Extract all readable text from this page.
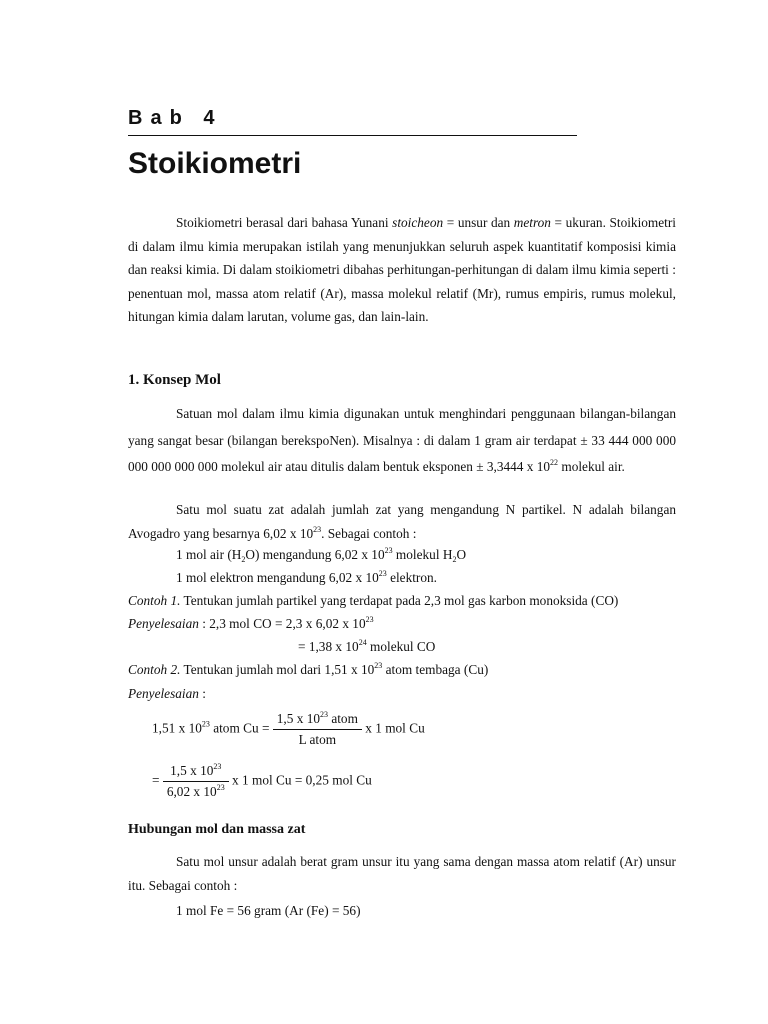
Bab 4
Stoikiometri

Stoikiometri berasal dari bahasa Yunani stoicheon = unsur dan metron = ukuran. Stoikiometri di dalam ilmu kimia merupakan istilah yang menunjukkan seluruh aspek kuantitatif komposisi kimia dan reaksi kimia. Di dalam stoikiometri dibahas perhitungan-perhitungan di dalam ilmu kimia seperti : penentuan mol, massa atom relatif (Ar), massa molekul relatif (Mr), rumus empiris, rumus molekul, hitungan kimia dalam larutan, volume gas, dan lain-lain.

1. Konsep Mol

Satuan mol dalam ilmu kimia digunakan untuk menghindari penggunaan bilangan-bilangan yang sangat besar (bilangan berekspoNen). Misalnya : di dalam 1 gram air terdapat ± 33 444 000 000 000 000 000 000 molekul air atau ditulis dalam bentuk eksponen ± 3,3444 x $10^{22}$ molekul air.

Satu mol suatu zat adalah jumlah zat yang mengandung N partikel. N adalah bilangan Avogadro yang besarnya 6,02 x $10^{23}$. Sebagai contoh :

1 mol air $(H_2O)$ mengandung 6,02 x $10^{23}$ molekul $H_2O$
1 mol elektron mengandung 6,02 x $10^{23}$ elektron.
Contoh 1. Tentukan jumlah partikel yang terdapat pada 2,3 mol gas karbon monoksida (CO)
Penyelesaian : 2,3 mol CO = 2,3 x 6,02 x $10^{23}$
= 1,38 x $10^{24}$ molekul CO
Contoh 2. Tentukan jumlah mol dari 1,51 x $10^{23}$ atom tembaga (Cu)
Penyelesaian :
1,51 x $10^{23}$ atom $Cu = \frac{1,5 x 10^{23} atom}{\text{L atom}}$ x 1 mol Cu
= $\frac{1,5 x 10^{23}}{6,02 x 10^{23}}$ x 1 mol Cu = 0,25 mol Cu
Hubungan mol dan massa zat

Satu mol unsur adalah berat gram unsur itu yang sama dengan massa atom relatif (Ar) unsur itu. Sebagai contoh :

1 mol Fe = 56 gram (Ar (Fe) = 56)
